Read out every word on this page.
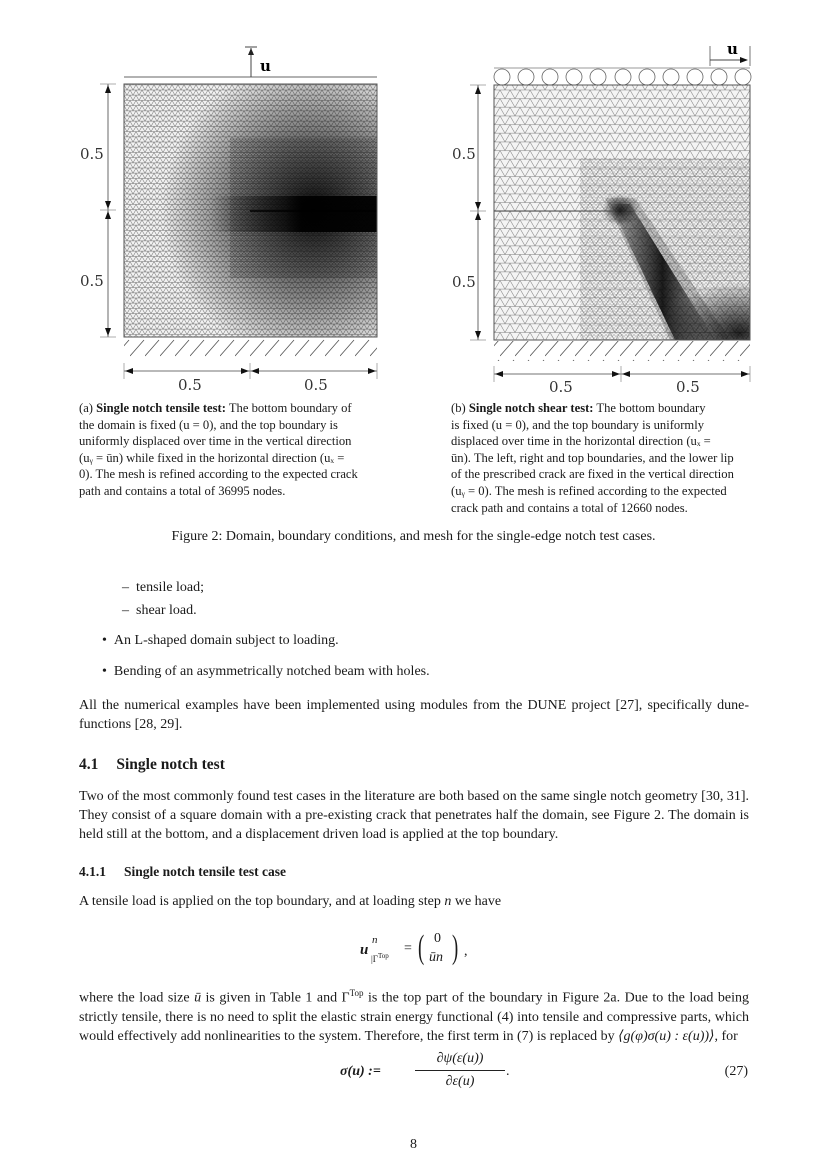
u
0.5
0.5
0.5	0.5
u
0.5
0.5
0.5	0.5
(a) Single notch tensile test: The bottom boundary of
the domain is fixed (u = 0), and the top boundary is
uniformly displaced over time in the vertical direction
(uᵧ = ūn) while fixed in the horizontal direction (uₓ =
0). The mesh is refined according to the expected crack
path and contains a total of 36995 nodes.
(b) Single notch shear test: The bottom boundary
is fixed (u = 0), and the top boundary is uniformly
displaced over time in the horizontal direction (uₓ =
ūn). The left, right and top boundaries, and the lower lip
of the prescribed crack are fixed in the vertical direction
(uᵧ = 0). The mesh is refined according to the expected
crack path and contains a total of 12660 nodes.
Figure 2: Domain, boundary conditions, and mesh for the single-edge notch test cases.
–  tensile load;
–  shear load.
•  An L-shaped domain subject to loading.
•  Bending of an asymmetrically notched beam with holes.
All the numerical examples have been implemented using modules from the DUNE project [27], specifically dune-functions [28, 29].
4.1 Single notch test
Two of the most commonly found test cases in the literature are both based on the same single notch geometry [30, 31]. They consist of a square domain with a pre-existing crack that penetrates half the domain, see Figure 2. The domain is held still at the bottom, and a displacement driven load is applied at the top boundary.
4.1.1 Single notch tensile test case
A tensile load is applied on the top boundary, and at loading step n we have
u
n
$|\Gamma^{Top}$ = ( 0
ūn ) ,
where the load size ū is given in Table 1 and $\Gamma^{Top}$ is the top part of the boundary in Figure 2a. Due to the load being strictly tensile, there is no need to split the elastic strain energy functional (4) into tensile and compressive parts, which would effectively add nonlinearities to the system. Therefore, the first term in (7) is replaced by ⟨g(φ)σ(u) : ε(u))⟩, for
σ(u) :=
∂ψ(ε(u))
∂ε(u)
.	(27)
8
